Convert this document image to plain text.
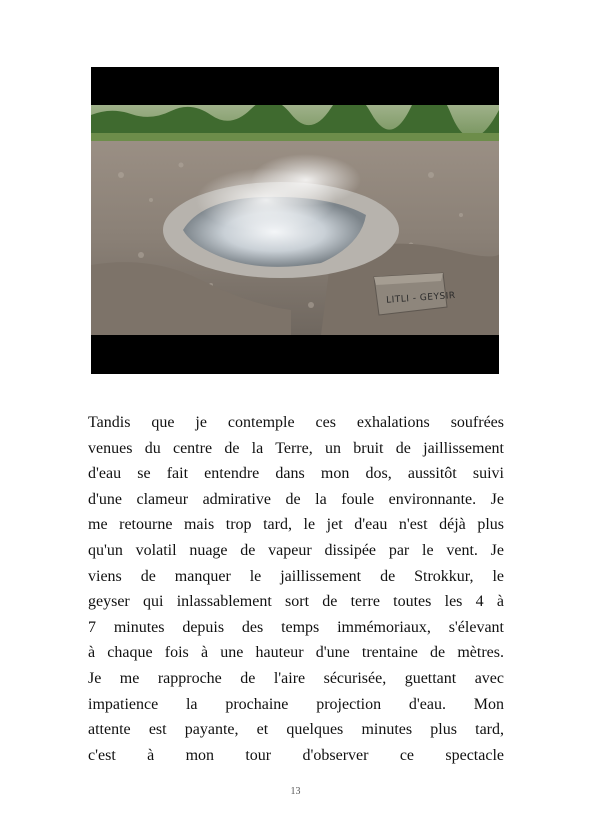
LITLI - GEYSIR
Tandis que je contemple ces exhalations soufrées
venues du centre de la Terre, un bruit de jaillissement
d'eau se fait entendre dans mon dos, aussitôt suivi
d'une clameur admirative de la foule environnante. Je
me retourne mais trop tard, le jet d'eau n'est déjà plus
qu'un volatil nuage de vapeur dissipée par le vent. Je
viens de manquer le jaillissement de Strokkur, le
geyser qui inlassablement sort de terre toutes les 4 à
7 minutes depuis des temps immémoriaux, s'élevant
à chaque fois à une hauteur d'une trentaine de mètres.
Je me rapproche de l'aire sécurisée, guettant avec
impatience la prochaine projection d'eau. Mon
attente est payante, et quelques minutes plus tard,
c'est à mon tour d'observer ce spectacle
13
